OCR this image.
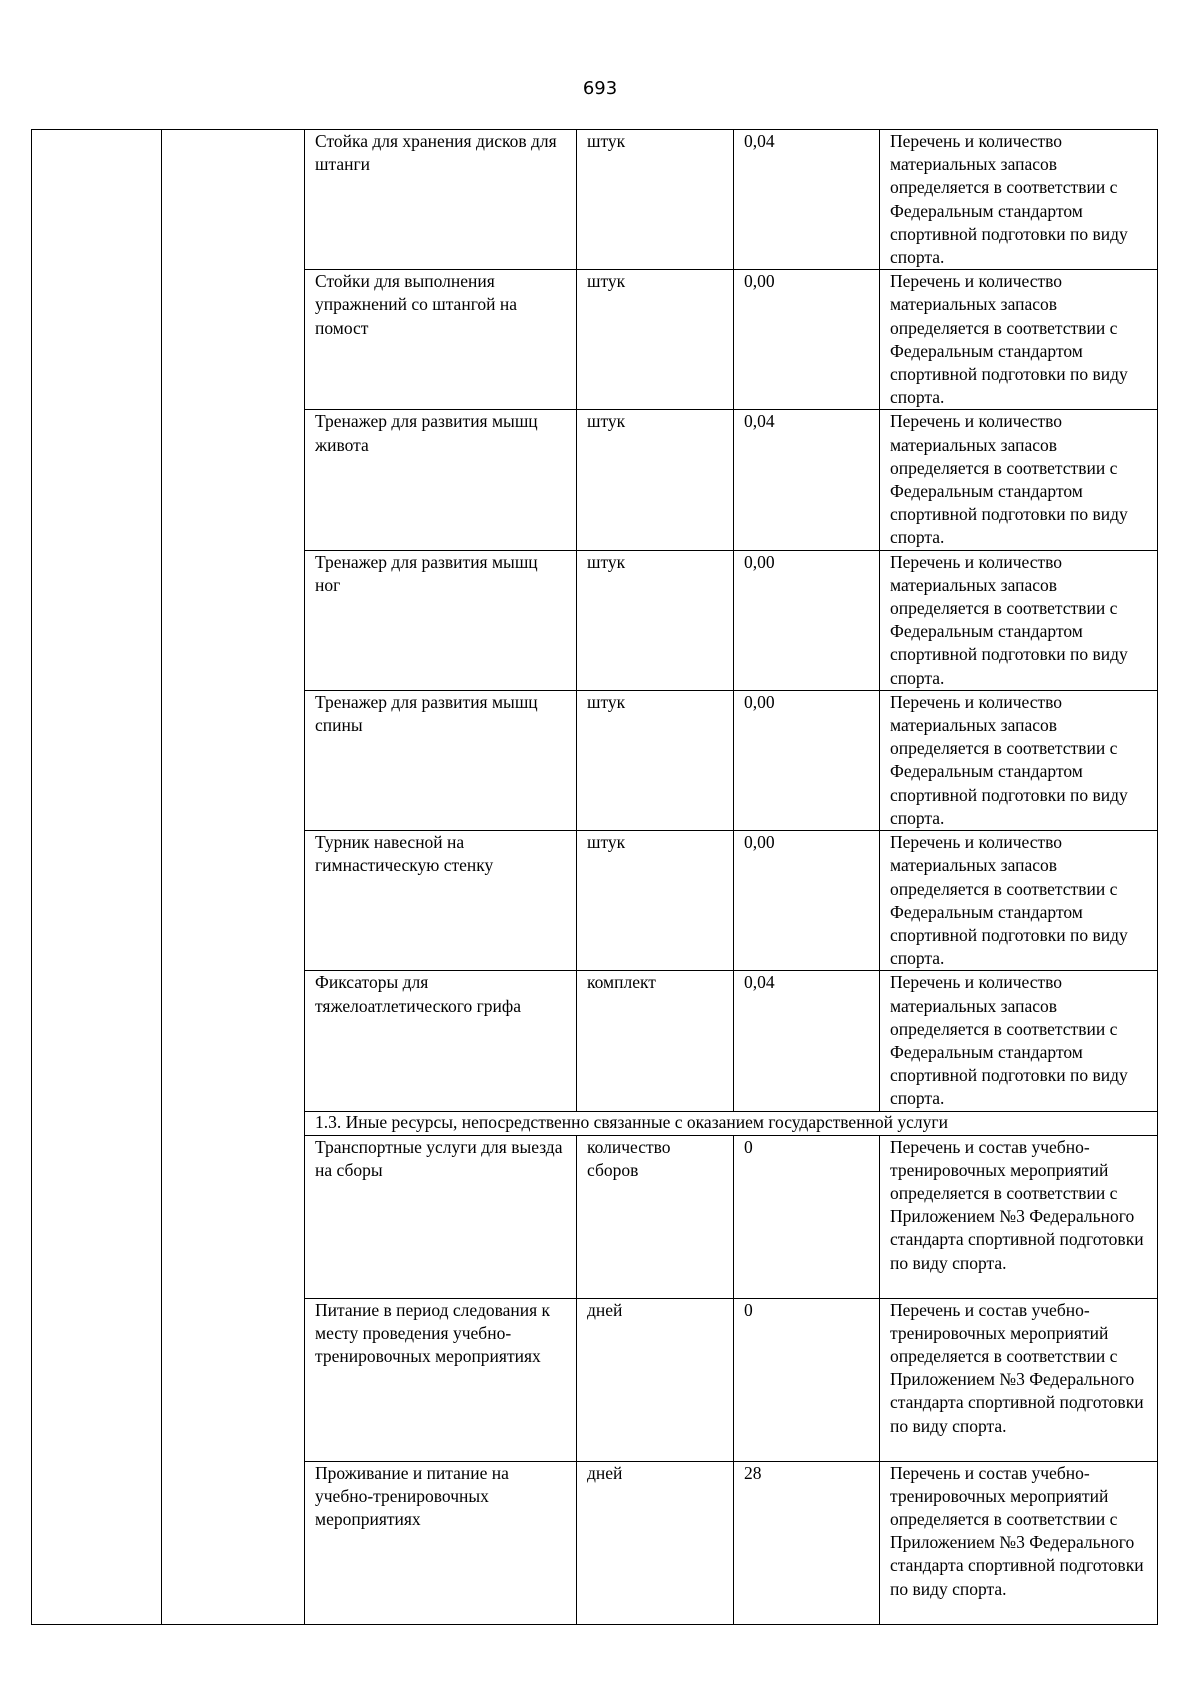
693
		Стойка для хранения дисков для штанги	штук	0,04	Перечень и количество материальных запасов определяется в соответствии с Федеральным стандартом спортивной подготовки по виду спорта.
		Стойки для выполнения упражнений со штангой на помост	штук	0,00	Перечень и количество материальных запасов определяется в соответствии с Федеральным стандартом спортивной подготовки по виду спорта.
		Тренажер для развития мышц живота	штук	0,04	Перечень и количество материальных запасов определяется в соответствии с Федеральным стандартом спортивной подготовки по виду спорта.
		Тренажер для развития мышц ног	штук	0,00	Перечень и количество материальных запасов определяется в соответствии с Федеральным стандартом спортивной подготовки по виду спорта.
		Тренажер для развития мышц спины	штук	0,00	Перечень и количество материальных запасов определяется в соответствии с Федеральным стандартом спортивной подготовки по виду спорта.
		Турник навесной на гимнастическую стенку	штук	0,00	Перечень и количество материальных запасов определяется в соответствии с Федеральным стандартом спортивной подготовки по виду спорта.
		Фиксаторы для тяжелоатлетического грифа	комплект	0,04	Перечень и количество материальных запасов определяется в соответствии с Федеральным стандартом спортивной подготовки по виду спорта.
		1.3. Иные ресурсы, непосредственно связанные с оказанием государственной услуги			
		Транспортные услуги для выезда на сборы	количество сборов	0	Перечень и состав учебно-тренировочных мероприятий определяется в соответствии с Приложением №3 Федерального стандарта спортивной подготовки по виду спорта.
		Питание в период следования к месту проведения учебно-тренировочных мероприятиях	дней	0	Перечень и состав учебно-тренировочных мероприятий определяется в соответствии с Приложением №3 Федерального стандарта спортивной подготовки по виду спорта.
		Проживание и питание на учебно-тренировочных мероприятиях	дней	28	Перечень и состав учебно-тренировочных мероприятий определяется в соответствии с Приложением №3 Федерального стандарта спортивной подготовки по виду спорта.
